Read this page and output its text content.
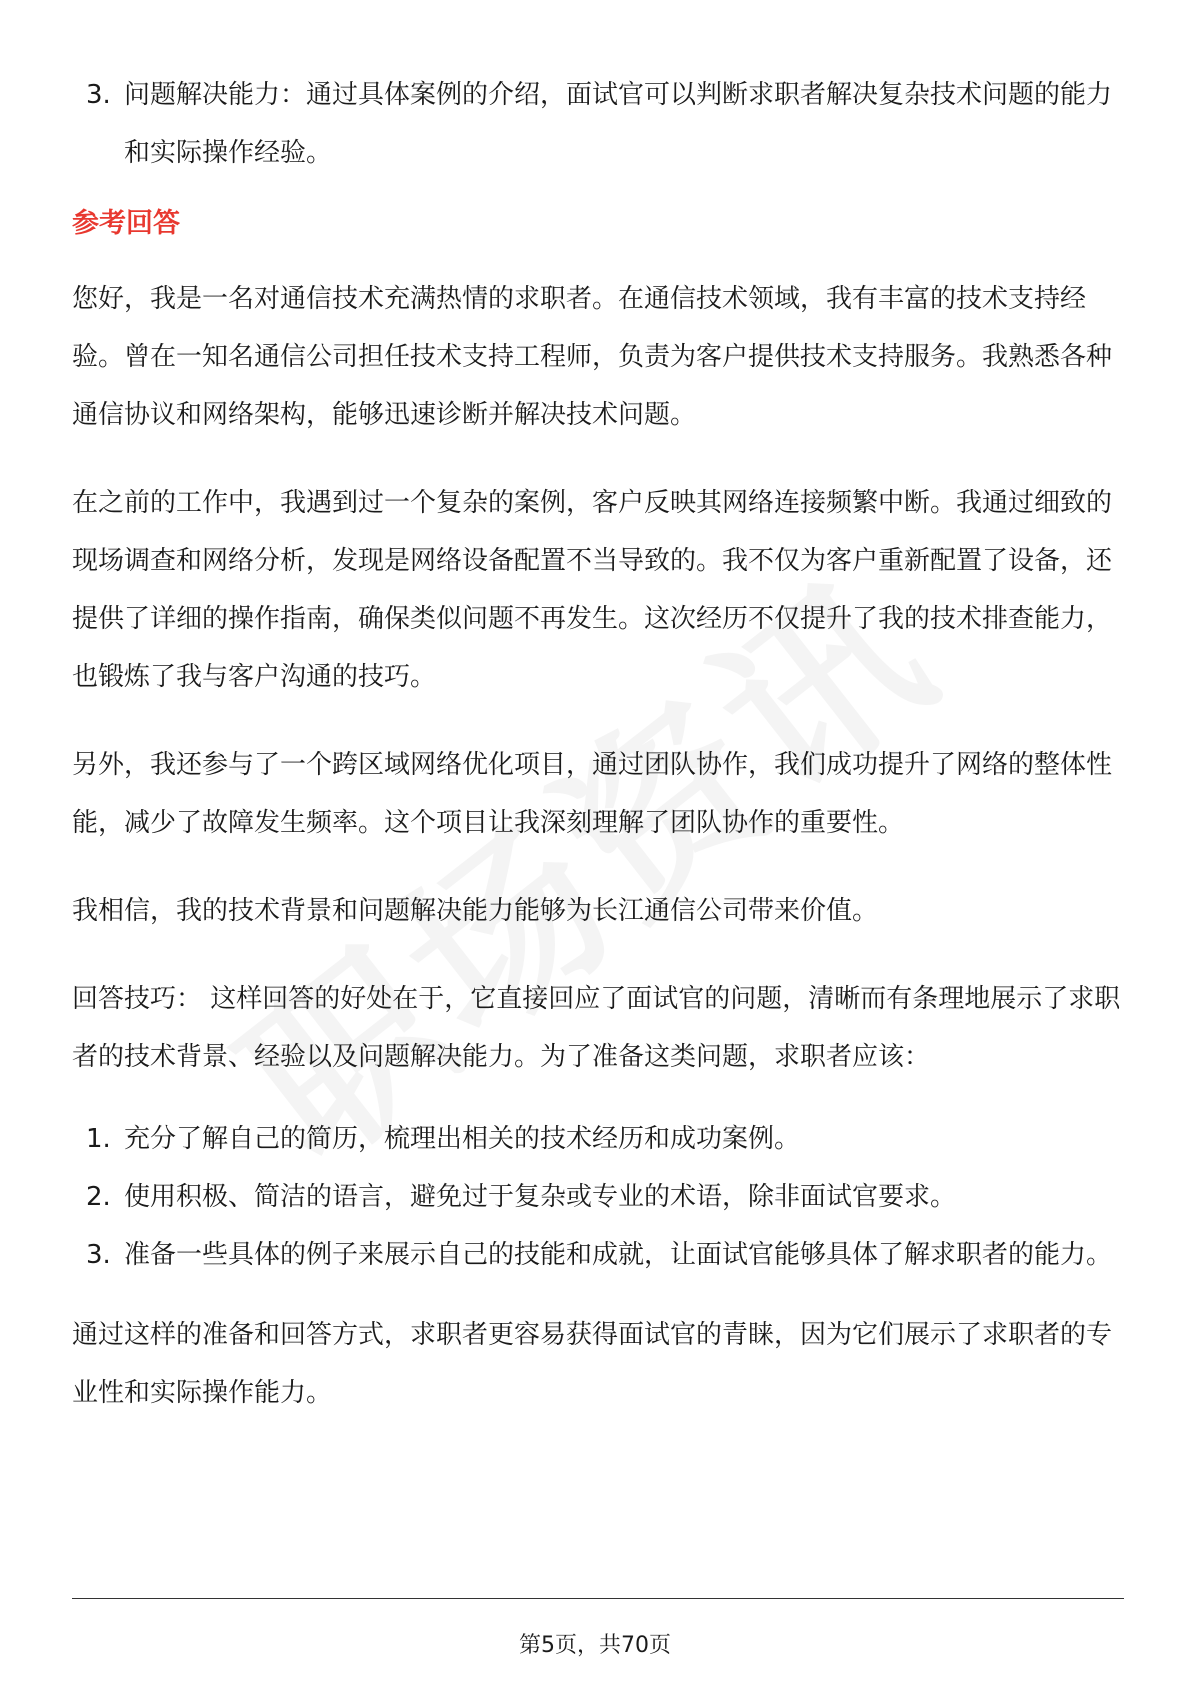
3. 问题解决能力：通过具体案例的介绍，面试官可以判断求职者解决复杂技术问题的能力和实际操作经验。
参考回答

您好，我是一名对通信技术充满热情的求职者。在通信技术领域，我有丰富的技术支持经验。曾在一知名通信公司担任技术支持工程师，负责为客户提供技术支持服务。我熟悉各种通信协议和网络架构，能够迅速诊断并解决技术问题。

在之前的工作中，我遇到过一个复杂的案例，客户反映其网络连接频繁中断。我通过细致的现场调查和网络分析，发现是网络设备配置不当导致的。我不仅为客户重新配置了设备，还提供了详细的操作指南，确保类似问题不再发生。这次经历不仅提升了我的技术排查能力，也锻炼了我与客户沟通的技巧。

另外，我还参与了一个跨区域网络优化项目，通过团队协作，我们成功提升了网络的整体性能，减少了故障发生频率。这个项目让我深刻理解了团队协作的重要性。

我相信，我的技术背景和问题解决能力能够为长江通信公司带来价值。

回答技巧： 这样回答的好处在于，它直接回应了面试官的问题，清晰而有条理地展示了求职者的技术背景、经验以及问题解决能力。为了准备这类问题，求职者应该：

1. 充分了解自己的简历，梳理出相关的技术经历和成功案例。
2. 使用积极、简洁的语言，避免过于复杂或专业的术语，除非面试官要求。
3. 准备一些具体的例子来展示自己的技能和成就，让面试官能够具体了解求职者的能力。

通过这样的准备和回答方式，求职者更容易获得面试官的青睐，因为它们展示了求职者的专业性和实际操作能力。

第5页，共70页
